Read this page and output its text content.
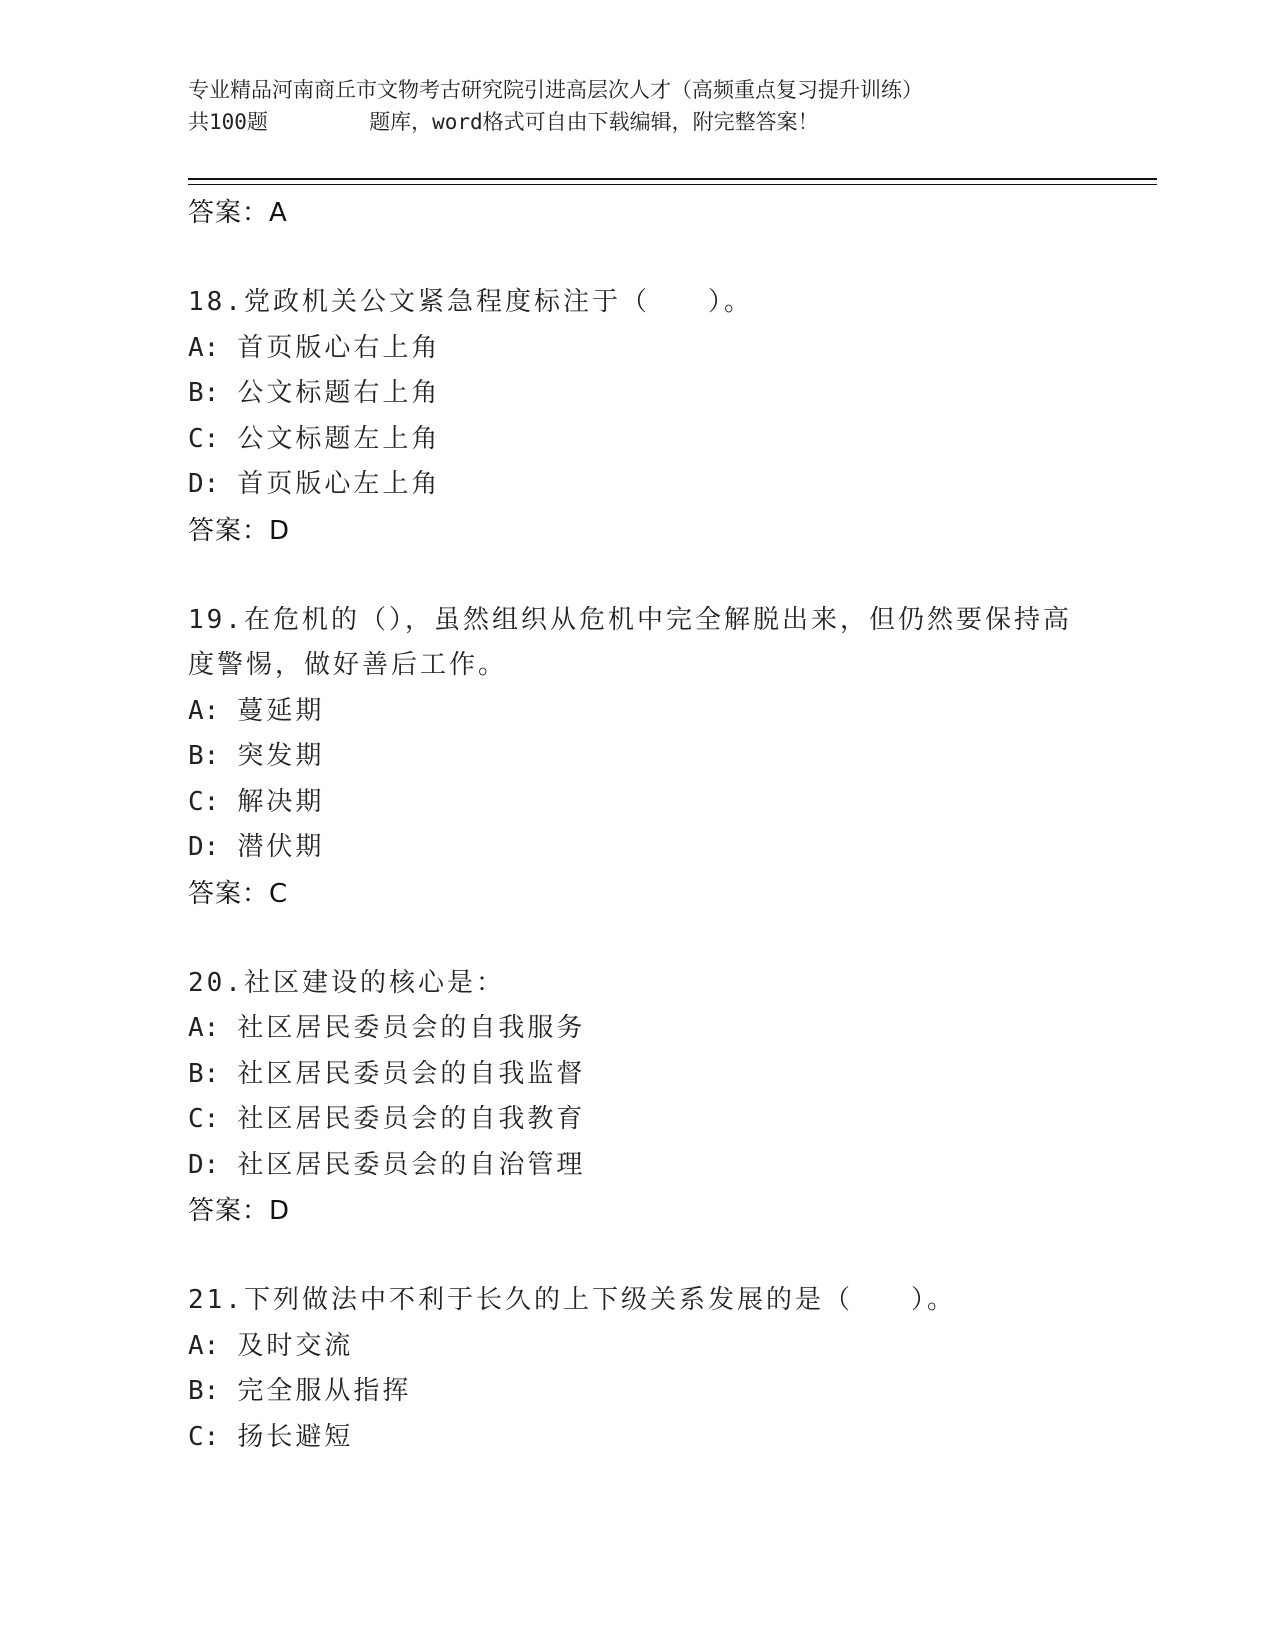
专业精品河南商丘市文物考古研究院引进高层次人才（高频重点复习提升训练）
共100题        题库，word格式可自由下载编辑，附完整答案！
答案：A
18.党政机关公文紧急程度标注于（　　）。
A: 首页版心右上角
B: 公文标题右上角
C: 公文标题左上角
D: 首页版心左上角
答案：D
19.在危机的（），虽然组织从危机中完全解脱出来，但仍然要保持高度警惕，做好善后工作。
A: 蔓延期
B: 突发期
C: 解决期
D: 潜伏期
答案：C
20.社区建设的核心是：
A: 社区居民委员会的自我服务
B: 社区居民委员会的自我监督
C: 社区居民委员会的自我教育
D: 社区居民委员会的自治管理
答案：D
21.下列做法中不利于长久的上下级关系发展的是（　　）。
A: 及时交流
B: 完全服从指挥
C: 扬长避短
